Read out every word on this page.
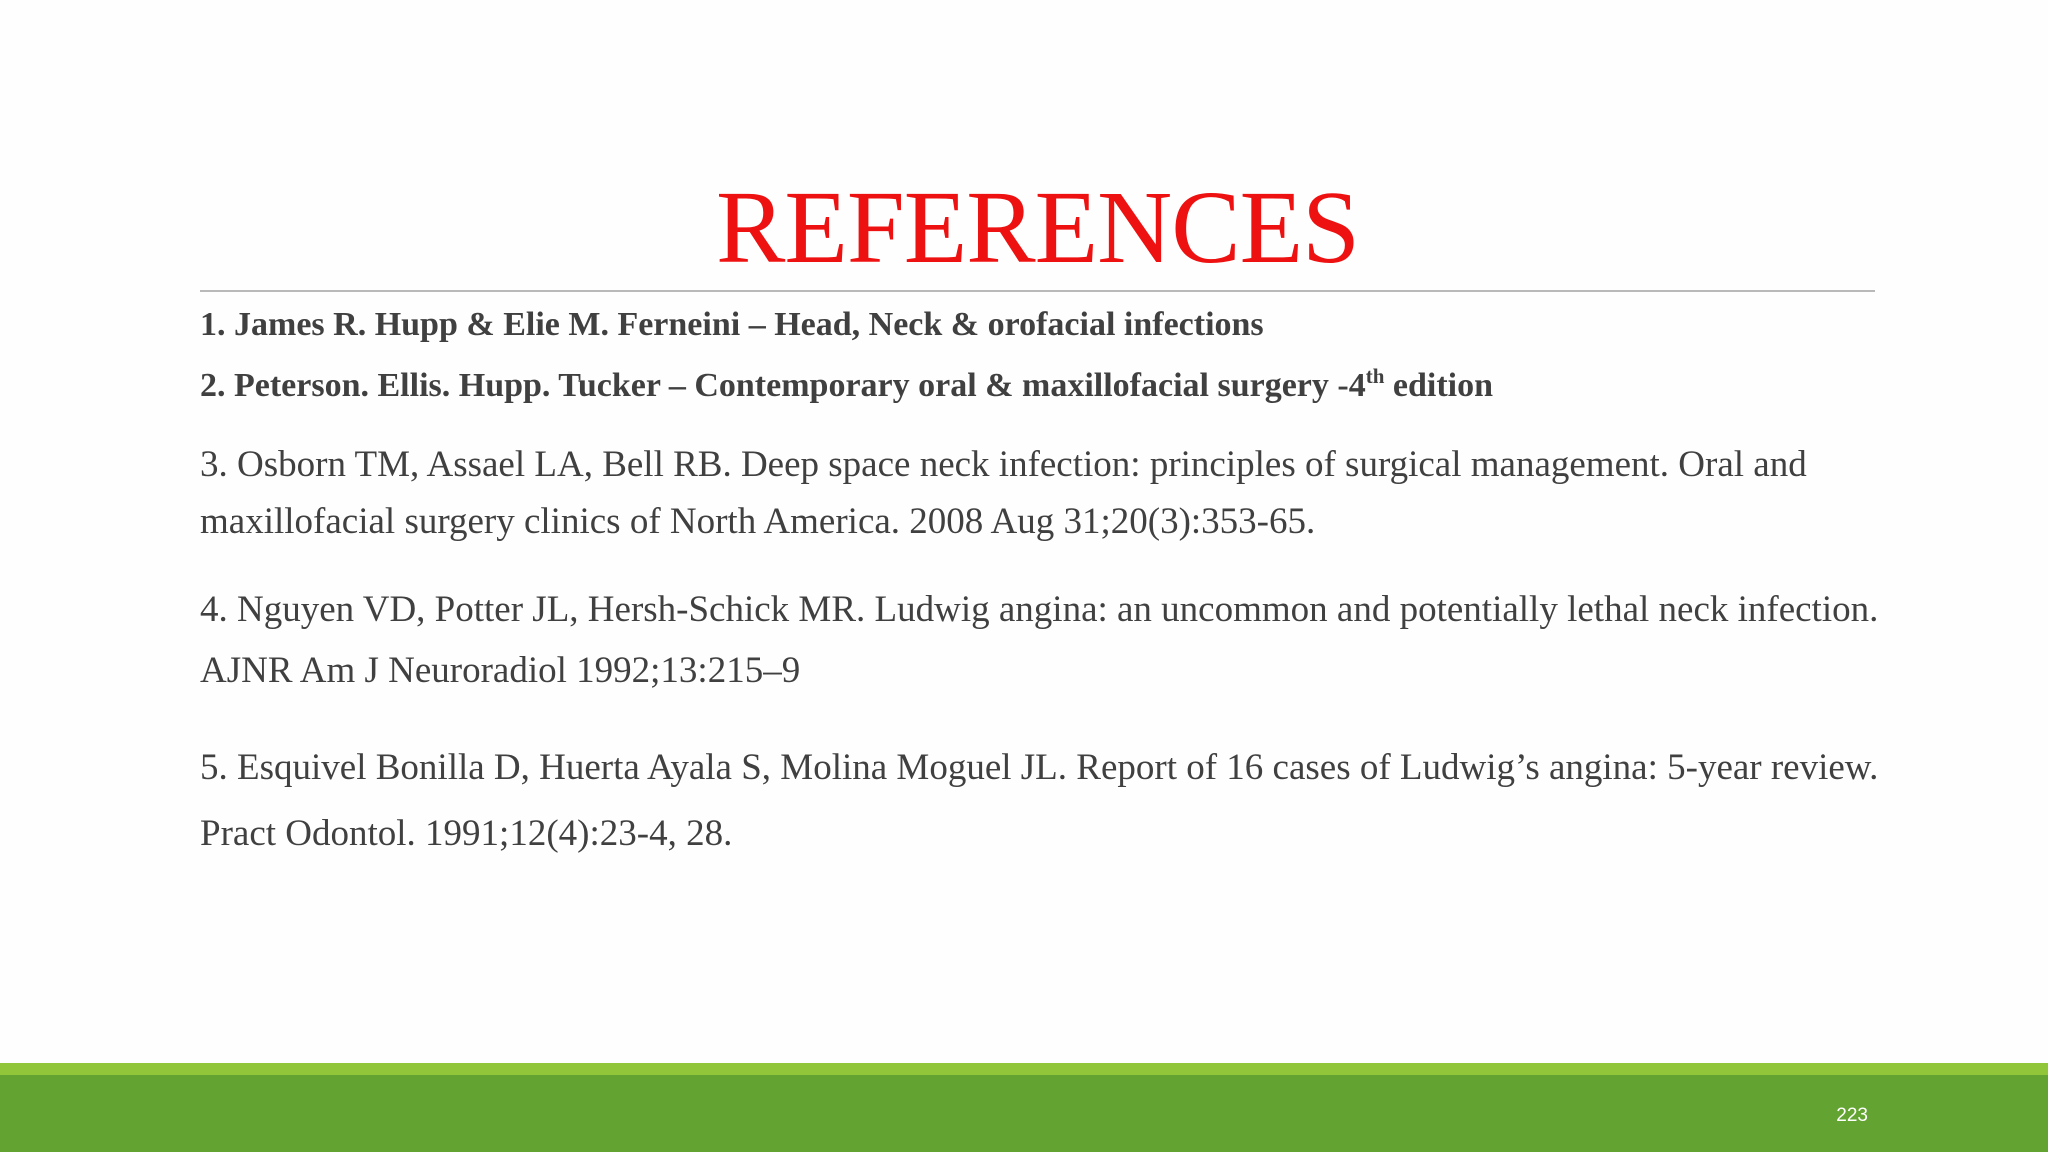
REFERENCES

1. James R. Hupp & Elie M. Ferneini – Head, Neck & orofacial infections

2. Peterson. Ellis. Hupp. Tucker – Contemporary oral & maxillofacial surgery -4th edition

3. Osborn TM, Assael LA, Bell RB. Deep space neck infection: principles of surgical management. Oral and maxillofacial surgery clinics of North America. 2008 Aug 31;20(3):353-65.

4. Nguyen VD, Potter JL, Hersh-Schick MR. Ludwig angina: an uncommon and potentially lethal neck infection. AJNR Am J Neuroradiol 1992;13:215–9

5. Esquivel Bonilla D, Huerta Ayala S, Molina Moguel JL. Report of 16 cases of Ludwig’s angina: 5-year review. Pract Odontol. 1991;12(4):23-4, 28.

223
